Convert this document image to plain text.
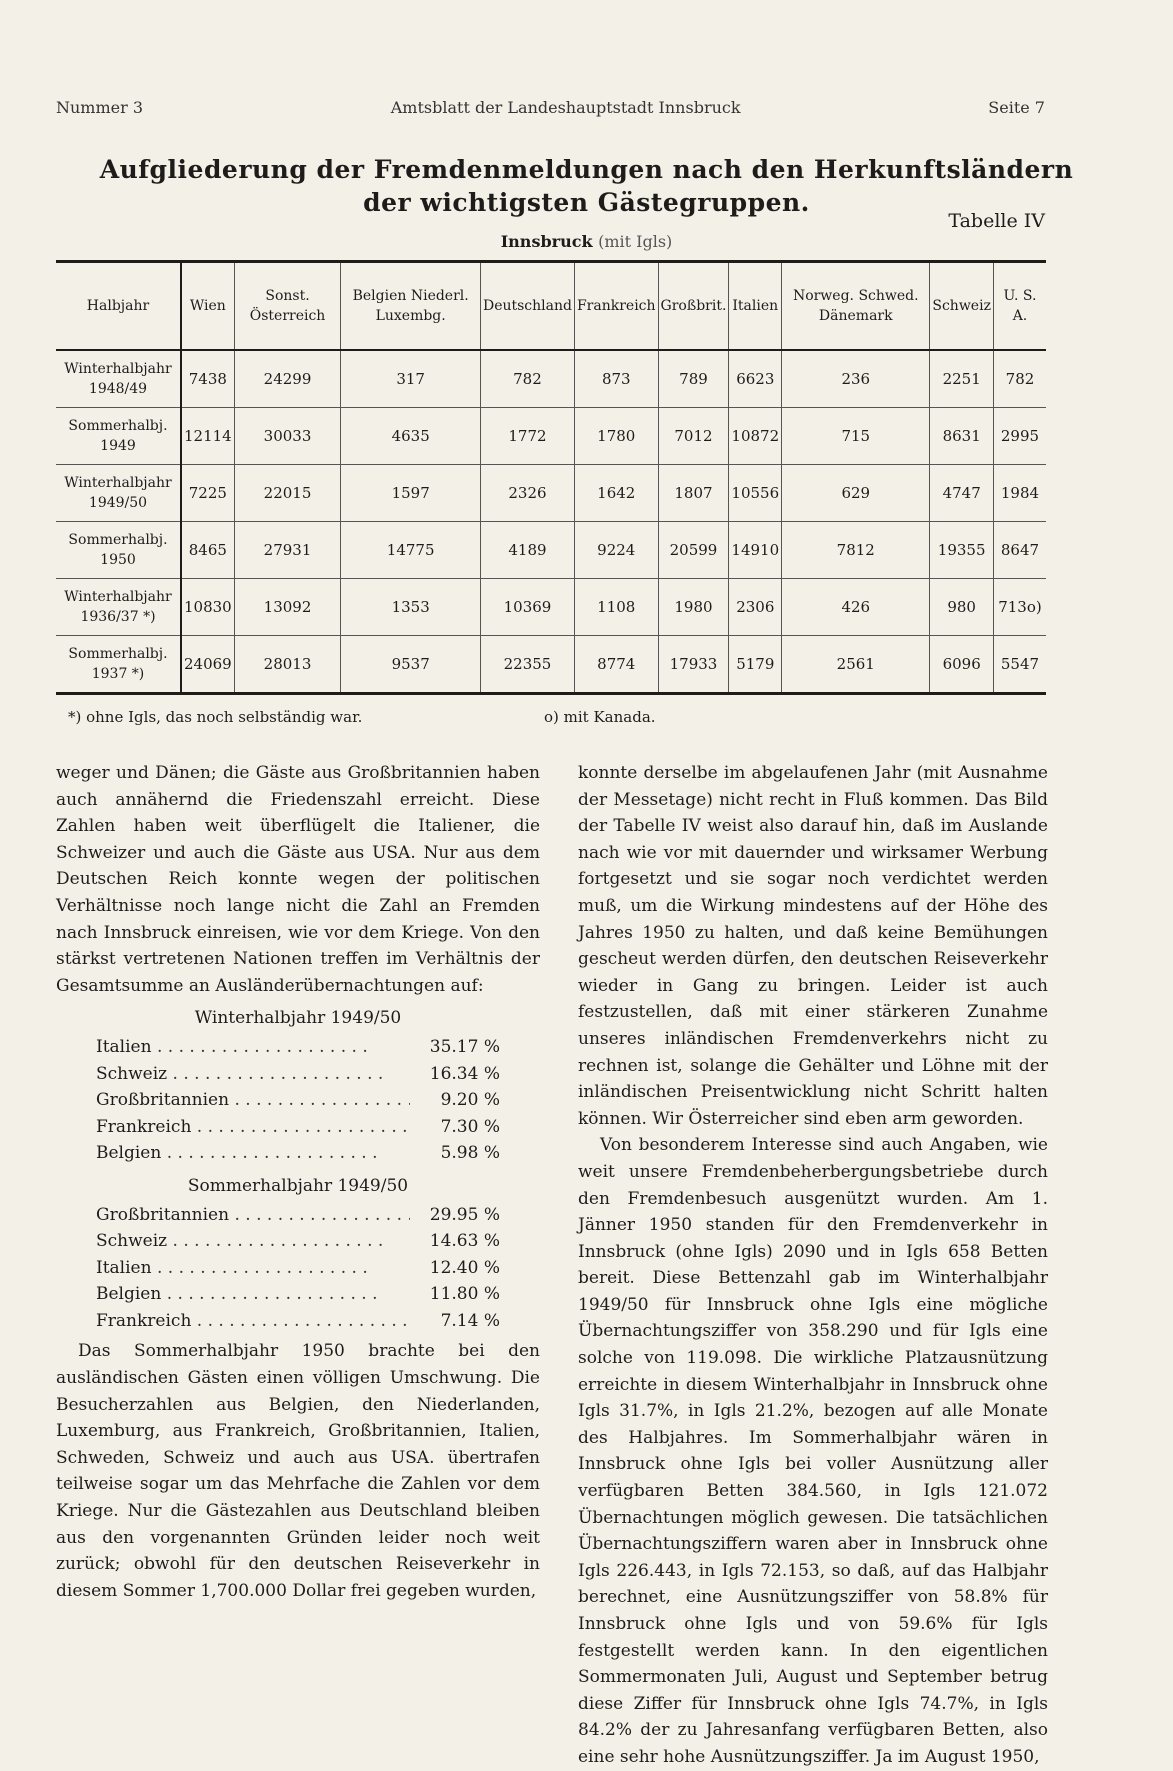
Nummer 3	Amtsblatt der Landeshauptstadt Innsbruck	Seite 7
Aufgliederung der Fremdenmeldungen nach den Herkunftsländern
der wichtigsten Gästegruppen.
Tabelle IV
Innsbruck (mit Igls)
Halbjahr	Wien	Sonst. Österreich	Belgien Niederl. Luxembg.	Deutschland	Frankreich	Großbrit.	Italien	Norweg. Schwed. Dänemark	Schweiz	U. S. A.
Winterhalbjahr 1948/49	7438	24299	317	782	873	789	6623	236	2251	782
Sommerhalbj. 1949	12114	30033	4635	1772	1780	7012	10872	715	8631	2995
Winterhalbjahr 1949/50	7225	22015	1597	2326	1642	1807	10556	629	4747	1984
Sommerhalbj. 1950	8465	27931	14775	4189	9224	20599	14910	7812	19355	8647
Winterhalbjahr 1936/37 *)	10830	13092	1353	10369	1108	1980	2306	426	980	713o)
Sommerhalbj. 1937 *)	24069	28013	9537	22355	8774	17933	5179	2561	6096	5547
*) ohne Igls, das noch selbständig war.	o) mit Kanada.

weger und Dänen; die Gäste aus Großbritannien haben auch annähernd die Friedenszahl erreicht. Diese Zahlen haben weit überflügelt die Italiener, die Schweizer und auch die Gäste aus USA. Nur aus dem Deutschen Reich konnte wegen der politischen Verhältnisse noch lange nicht die Zahl an Fremden nach Innsbruck einreisen, wie vor dem Kriege. Von den stärkst vertretenen Nationen treffen im Verhältnis der Gesamtsumme an Ausländerübernachtungen auf:

Winterhalbjahr 1949/50
Italien . . .	35.17 %
Schweiz . . .	16.34 %
Großbritannien . . .	9.20 %
Frankreich . . .	7.30 %
Belgien . . .	5.98 %
Sommerhalbjahr 1949/50
Großbritannien . . .	29.95 %
Schweiz . . .	14.63 %
Italien . . .	12.40 %
Belgien . . .	11.80 %
Frankreich . . .	7.14 %

Das Sommerhalbjahr 1950 brachte bei den ausländischen Gästen einen völligen Umschwung. Die Besucherzahlen aus Belgien, den Niederlanden, Luxemburg, aus Frankreich, Großbritannien, Italien, Schweden, Schweiz und auch aus USA. übertrafen teilweise sogar um das Mehrfache die Zahlen vor dem Kriege. Nur die Gästezahlen aus Deutschland bleiben aus den vorgenannten Gründen leider noch weit zurück; obwohl für den deutschen Reiseverkehr in diesem Sommer 1,700.000 Dollar frei gegeben wurden,

konnte derselbe im abgelaufenen Jahr (mit Ausnahme der Messetage) nicht recht in Fluß kommen. Das Bild der Tabelle IV weist also darauf hin, daß im Auslande nach wie vor mit dauernder und wirksamer Werbung fortgesetzt und sie sogar noch verdichtet werden muß, um die Wirkung mindestens auf der Höhe des Jahres 1950 zu halten, und daß keine Bemühungen gescheut werden dürfen, den deutschen Reiseverkehr wieder in Gang zu bringen. Leider ist auch festzustellen, daß mit einer stärkeren Zunahme unseres inländischen Fremdenverkehrs nicht zu rechnen ist, solange die Gehälter und Löhne mit der inländischen Preisentwicklung nicht Schritt halten können. Wir Österreicher sind eben arm geworden.

Von besonderem Interesse sind auch Angaben, wie weit unsere Fremdenbeherbergungsbetriebe durch den Fremdenbesuch ausgenützt wurden. Am 1. Jänner 1950 standen für den Fremdenverkehr in Innsbruck (ohne Igls) 2090 und in Igls 658 Betten bereit. Diese Bettenzahl gab im Winterhalbjahr 1949/50 für Innsbruck ohne Igls eine mögliche Übernachtungsziffer von 358.290 und für Igls eine solche von 119.098. Die wirkliche Platzausnützung erreichte in diesem Winterhalbjahr in Innsbruck ohne Igls 31.7%, in Igls 21.2%, bezogen auf alle Monate des Halbjahres. Im Sommerhalbjahr wären in Innsbruck ohne Igls bei voller Ausnützung aller verfügbaren Betten 384.560, in Igls 121.072 Übernachtungen möglich gewesen. Die tatsächlichen Übernachtungsziffern waren aber in Innsbruck ohne Igls 226.443, in Igls 72.153, so daß, auf das Halbjahr berechnet, eine Ausnützungsziffer von 58.8% für Innsbruck ohne Igls und von 59.6% für Igls festgestellt werden kann. In den eigentlichen Sommermonaten Juli, August und September betrug diese Ziffer für Innsbruck ohne Igls 74.7%, in Igls 84.2% der zu Jahresanfang verfügbaren Betten, also eine sehr hohe Ausnützungsziffer. Ja im August 1950,
